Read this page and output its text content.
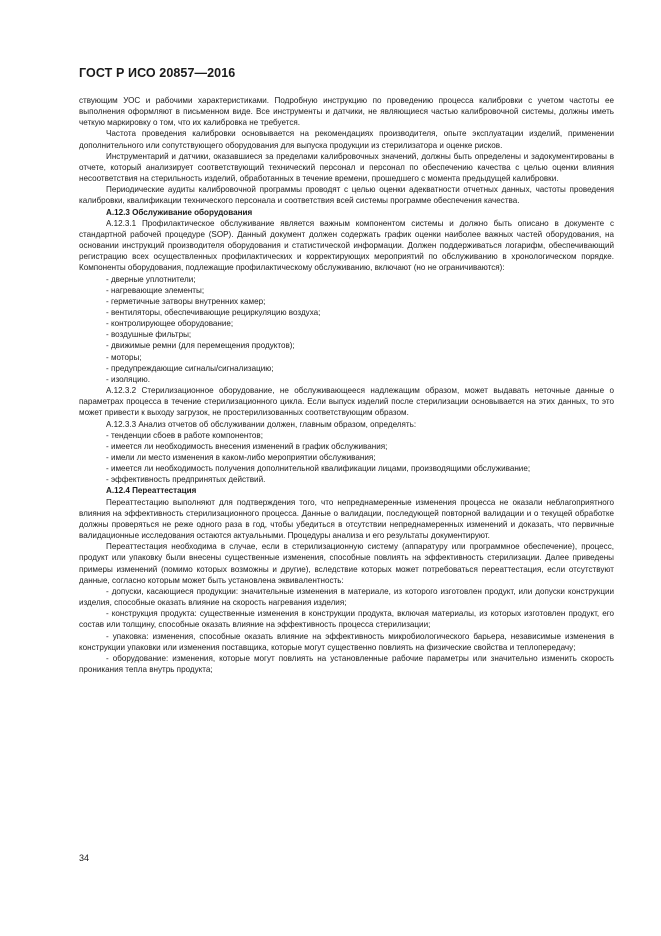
ГОСТ Р ИСО 20857—2016

ствующим УОС и рабочими характеристиками. Подробную инструкцию по проведению процесса калибровки с учетом частоты ее выполнения оформляют в письменном виде. Все инструменты и датчики, не являющиеся частью калибровочной системы, должны иметь четкую маркировку о том, что их калибровка не требуется.

Частота проведения калибровки основывается на рекомендациях производителя, опыте эксплуатации изделий, применении дополнительного или сопутствующего оборудования для выпуска продукции из стерилизатора и оценке рисков.

Инструментарий и датчики, оказавшиеся за пределами калибровочных значений, должны быть определены и задокументированы в отчете, который анализирует соответствующий технический персонал и персонал по обеспечению качества с целью оценки влияния несоответствия на стерильность изделий, обработанных в течение времени, прошедшего с момента предыдущей калибровки.

Периодические аудиты калибровочной программы проводят с целью оценки адекватности отчетных данных, частоты проведения калибровки, квалификации технического персонала и соответствия всей системы программе обеспечения качества.

А.12.3 Обслуживание оборудования

А.12.3.1 Профилактическое обслуживание является важным компонентом системы и должно быть описано в документе с стандартной рабочей процедуре (SOP). Данный документ должен содержать график оценки наиболее важных частей оборудования, на основании инструкций производителя оборудования и статистической информации. Должен поддерживаться логарифм, обеспечивающий регистрацию всех осуществленных профилактических и корректирующих мероприятий по обслуживанию в хронологическом порядке. Компоненты оборудования, подлежащие профилактическому обслуживанию, включают (но не ограничиваются):

- дверные уплотнители;

- нагревающие элементы;

- герметичные затворы внутренних камер;

- вентиляторы, обеспечивающие рециркуляцию воздуха;

- контролирующее оборудование;

- воздушные фильтры;

- движимые ремни (для перемещения продуктов);

- моторы;

- предупреждающие сигналы/сигнализацию;

- изоляцию.

А.12.3.2 Стерилизационное оборудование, не обслуживающееся надлежащим образом, может выдавать неточные данные о параметрах процесса в течение стерилизационного цикла. Если выпуск изделий после стерилизации основывается на этих данных, то это может привести к выходу загрузок, не простерилизованных соответствующим образом.

А.12.3.3 Анализ отчетов об обслуживании должен, главным образом, определять:

- тенденции сбоев в работе компонентов;

- имеется ли необходимость внесения изменений в график обслуживания;

- имели ли место изменения в каком-либо мероприятии обслуживания;

- имеется ли необходимость получения дополнительной квалификации лицами, производящими обслуживание;

- эффективность предпринятых действий.

А.12.4 Переаттестация

Переаттестацию выполняют для подтверждения того, что непреднамеренные изменения процесса не оказали неблагоприятного влияния на эффективность стерилизационного процесса. Данные о валидации, последующей повторной валидации и о текущей обработке должны проверяться не реже одного раза в год, чтобы убедиться в отсутствии непреднамеренных изменений и доказать, что первичные валидационные исследования остаются актуальными. Процедуры анализа и его результаты документируют.

Переаттестация необходима в случае, если в стерилизационную систему (аппаратуру или программное обеспечение), процесс, продукт или упаковку были внесены существенные изменения, способные повлиять на эффективность стерилизации. Далее приведены примеры изменений (помимо которых возможны и другие), вследствие которых может потребоваться переаттестация, если отсутствуют данные, согласно которым может быть установлена эквивалентность:

- допуски, касающиеся продукции: значительные изменения в материале, из которого изготовлен продукт, или допуски конструкции изделия, способные оказать влияние на скорость нагревания изделия;

- конструкция продукта: существенные изменения в конструкции продукта, включая материалы, из которых изготовлен продукт, его состав или толщину, способные оказать влияние на эффективность процесса стерилизации;

- упаковка: изменения, способные оказать влияние на эффективность микробиологического барьера, независимые изменения в конструкции упаковки или изменения поставщика, которые могут существенно повлиять на физические свойства и теплопередачу;

- оборудование: изменения, которые могут повлиять на установленные рабочие параметры или значительно изменить скорость проникания тепла внутрь продукта;

34
